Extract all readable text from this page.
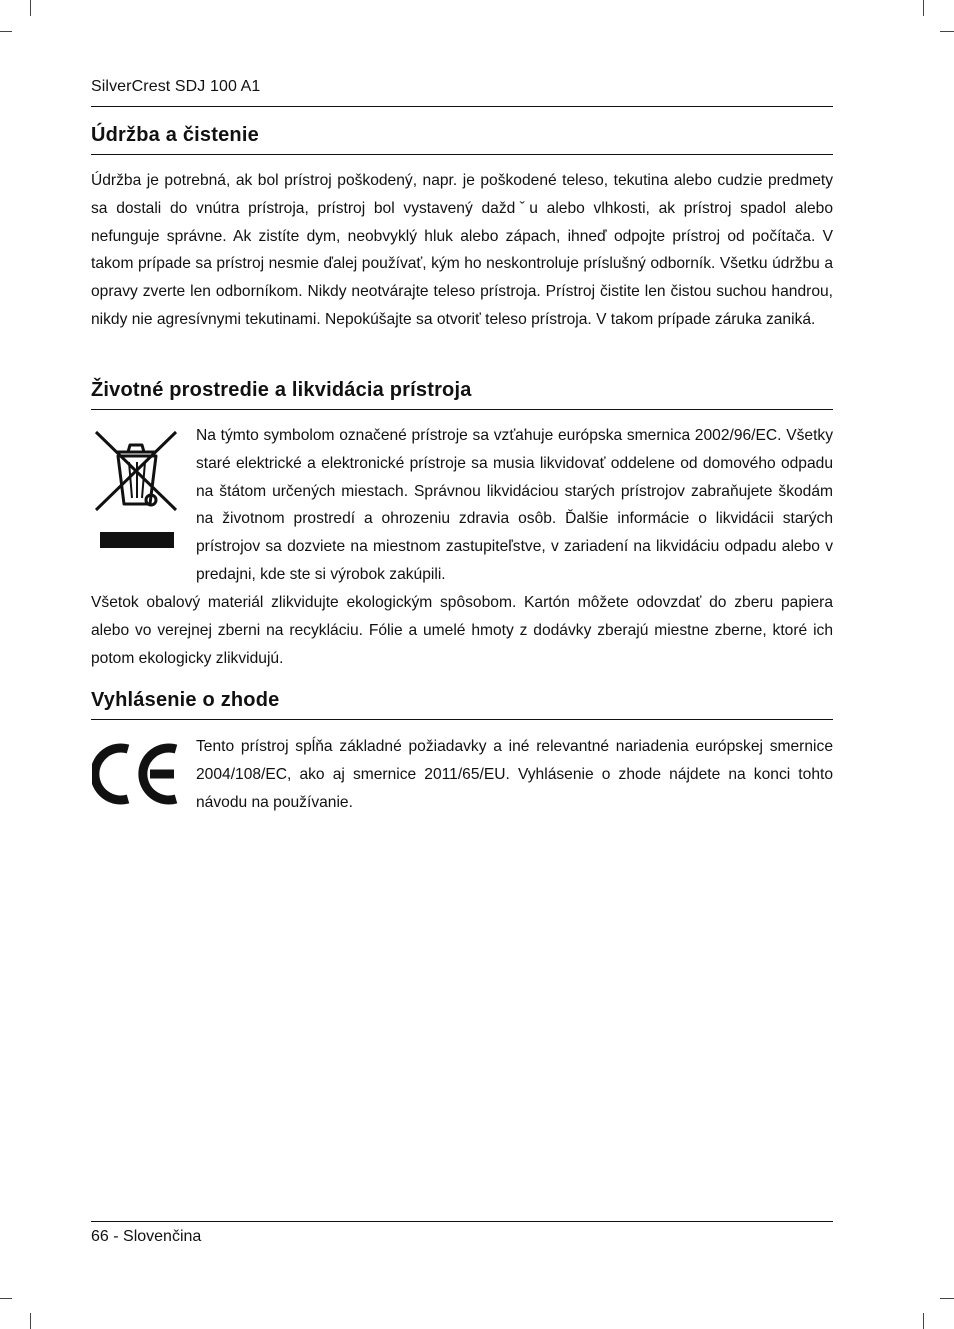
SilverCrest SDJ 100 A1
Údržba a čistenie

Údržba je potrebná, ak bol prístroj poškodený, napr. je poškodené teleso, tekutina alebo cudzie predmety sa dostali do vnútra prístroja, prístroj bol vystavený daždˇu alebo vlhkosti, ak prístroj spadol alebo nefunguje správne. Ak zistíte dym, neobvyklý hluk alebo zápach, ihneď odpojte prístroj od počítača. V takom prípade sa prístroj nesmie ďalej používať, kým ho neskontroluje príslušný odborník. Všetku údržbu a opravy zverte len odborníkom. Nikdy neotvárajte teleso prístroja. Prístroj čistite len čistou suchou handrou, nikdy nie agresívnymi tekutinami. Nepokúšajte sa otvoriť teleso prístroja. V takom prípade záruka zaniká.

Životné prostredie a likvidácia prístroja

Na týmto symbolom označené prístroje sa vzťahuje európska smernica 2002/96/EC. Všetky staré elektrické a elektronické prístroje sa musia likvidovať oddelene od domového odpadu na štátom určených miestach. Správnou likvidáciou starých prístrojov zabraňujete škodám na životnom prostredí a ohrozeniu zdravia osôb. Ďalšie informácie o likvidácii starých prístrojov sa dozviete na miestnom zastupiteľstve, v zariadení na likvidáciu odpadu alebo v predajni, kde ste si výrobok zakúpili.

Všetok obalový materiál zlikvidujte ekologickým spôsobom. Kartón môžete odovzdať do zberu papiera alebo vo verejnej zberni na recykláciu. Fólie a umelé hmoty z dodávky zberajú miestne zberne, ktoré ich potom ekologicky zlikvidujú.

Vyhlásenie o zhode

Tento prístroj spĺňa základné požiadavky a iné relevantné nariadenia európskej smernice 2004/108/EC, ako aj smernice 2011/65/EU. Vyhlásenie o zhode nájdete na konci tohto návodu na používanie.

66 - Slovenčina
